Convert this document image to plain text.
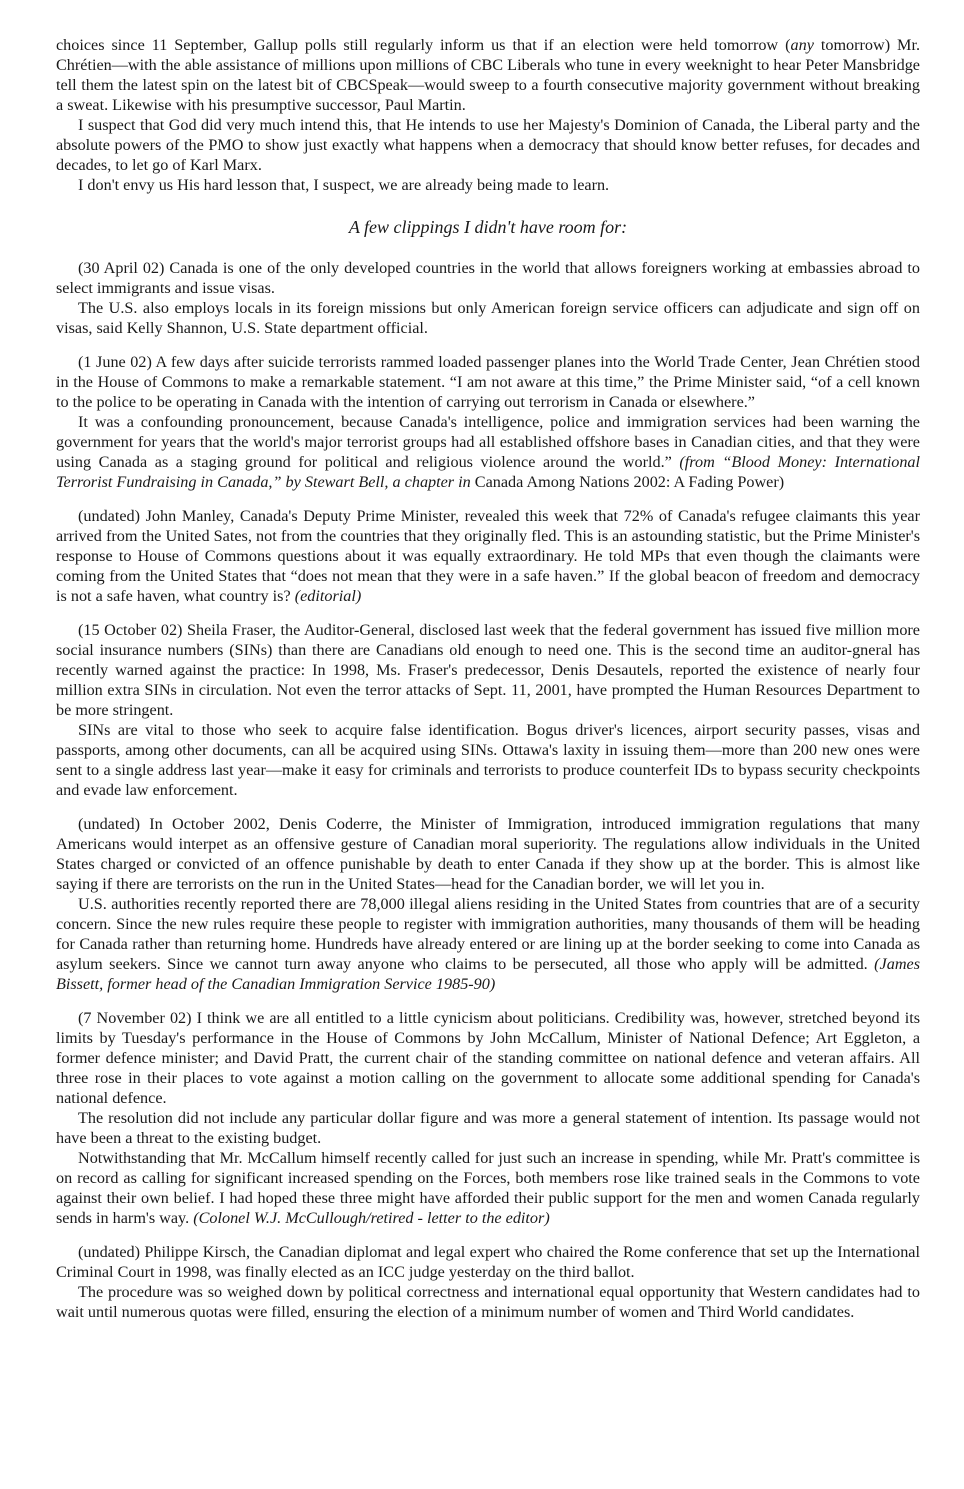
choices since 11 September, Gallup polls still regularly inform us that if an election were held tomorrow (any tomorrow) Mr. Chrétien—with the able assistance of millions upon millions of CBC Liberals who tune in every weeknight to hear Peter Mansbridge tell them the latest spin on the latest bit of CBCSpeak—would sweep to a fourth consecutive majority government without breaking a sweat. Likewise with his presumptive successor, Paul Martin.

I suspect that God did very much intend this, that He intends to use her Majesty's Dominion of Canada, the Liberal party and the absolute powers of the PMO to show just exactly what happens when a democracy that should know better refuses, for decades and decades, to let go of Karl Marx.

I don't envy us His hard lesson that, I suspect, we are already being made to learn.

A few clippings I didn't have room for:

(30 April 02) Canada is one of the only developed countries in the world that allows foreigners working at embassies abroad to select immigrants and issue visas.

The U.S. also employs locals in its foreign missions but only American foreign service officers can adjudicate and sign off on visas, said Kelly Shannon, U.S. State department official.

(1 June 02) A few days after suicide terrorists rammed loaded passenger planes into the World Trade Center, Jean Chrétien stood in the House of Commons to make a remarkable statement. “I am not aware at this time,” the Prime Minister said, “of a cell known to the police to be operating in Canada with the intention of carrying out terrorism in Canada or elsewhere.”

It was a confounding pronouncement, because Canada's intelligence, police and immigration services had been warning the government for years that the world's major terrorist groups had all established offshore bases in Canadian cities, and that they were using Canada as a staging ground for political and religious violence around the world.” (from “Blood Money: International Terrorist Fundraising in Canada,” by Stewart Bell, a chapter in Canada Among Nations 2002: A Fading Power)

(undated) John Manley, Canada's Deputy Prime Minister, revealed this week that 72% of Canada's refugee claimants this year arrived from the United Sates, not from the countries that they originally fled. This is an astounding statistic, but the Prime Minister's response to House of Commons questions about it was equally extraordinary. He told MPs that even though the claimants were coming from the United States that “does not mean that they were in a safe haven.” If the global beacon of freedom and democracy is not a safe haven, what country is? (editorial)

(15 October 02) Sheila Fraser, the Auditor-General, disclosed last week that the federal government has issued five million more social insurance numbers (SINs) than there are Canadians old enough to need one. This is the second time an auditor-gneral has recently warned against the practice: In 1998, Ms. Fraser's predecessor, Denis Desautels, reported the existence of nearly four million extra SINs in circulation. Not even the terror attacks of Sept. 11, 2001, have prompted the Human Resources Department to be more stringent.

SINs are vital to those who seek to acquire false identification. Bogus driver's licences, airport security passes, visas and passports, among other documents, can all be acquired using SINs. Ottawa's laxity in issuing them—more than 200 new ones were sent to a single address last year—make it easy for criminals and terrorists to produce counterfeit IDs to bypass security checkpoints and evade law enforcement.

(undated) In October 2002, Denis Coderre, the Minister of Immigration, introduced immigration regulations that many Americans would interpet as an offensive gesture of Canadian moral superiority. The regulations allow individuals in the United States charged or convicted of an offence punishable by death to enter Canada if they show up at the border. This is almost like saying if there are terrorists on the run in the United States—head for the Canadian border, we will let you in.

U.S. authorities recently reported there are 78,000 illegal aliens residing in the United States from countries that are of a security concern. Since the new rules require these people to register with immigration authorities, many thousands of them will be heading for Canada rather than returning home. Hundreds have already entered or are lining up at the border seeking to come into Canada as asylum seekers. Since we cannot turn away anyone who claims to be persecuted, all those who apply will be admitted. (James Bissett, former head of the Canadian Immigration Service 1985-90)

(7 November 02) I think we are all entitled to a little cynicism about politicians. Credibility was, however, stretched beyond its limits by Tuesday's performance in the House of Commons by John McCallum, Minister of National Defence; Art Eggleton, a former defence minister; and David Pratt, the current chair of the standing committee on national defence and veteran affairs. All three rose in their places to vote against a motion calling on the government to allocate some additional spending for Canada's national defence.

The resolution did not include any particular dollar figure and was more a general statement of intention. Its passage would not have been a threat to the existing budget.

Notwithstanding that Mr. McCallum himself recently called for just such an increase in spending, while Mr. Pratt's committee is on record as calling for significant increased spending on the Forces, both members rose like trained seals in the Commons to vote against their own belief. I had hoped these three might have afforded their public support for the men and women Canada regularly sends in harm's way. (Colonel W.J. McCullough/retired - letter to the editor)

(undated) Philippe Kirsch, the Canadian diplomat and legal expert who chaired the Rome conference that set up the International Criminal Court in 1998, was finally elected as an ICC judge yesterday on the third ballot.

The procedure was so weighed down by political correctness and international equal opportunity that Western candidates had to wait until numerous quotas were filled, ensuring the election of a minimum number of women and Third World candidates.
